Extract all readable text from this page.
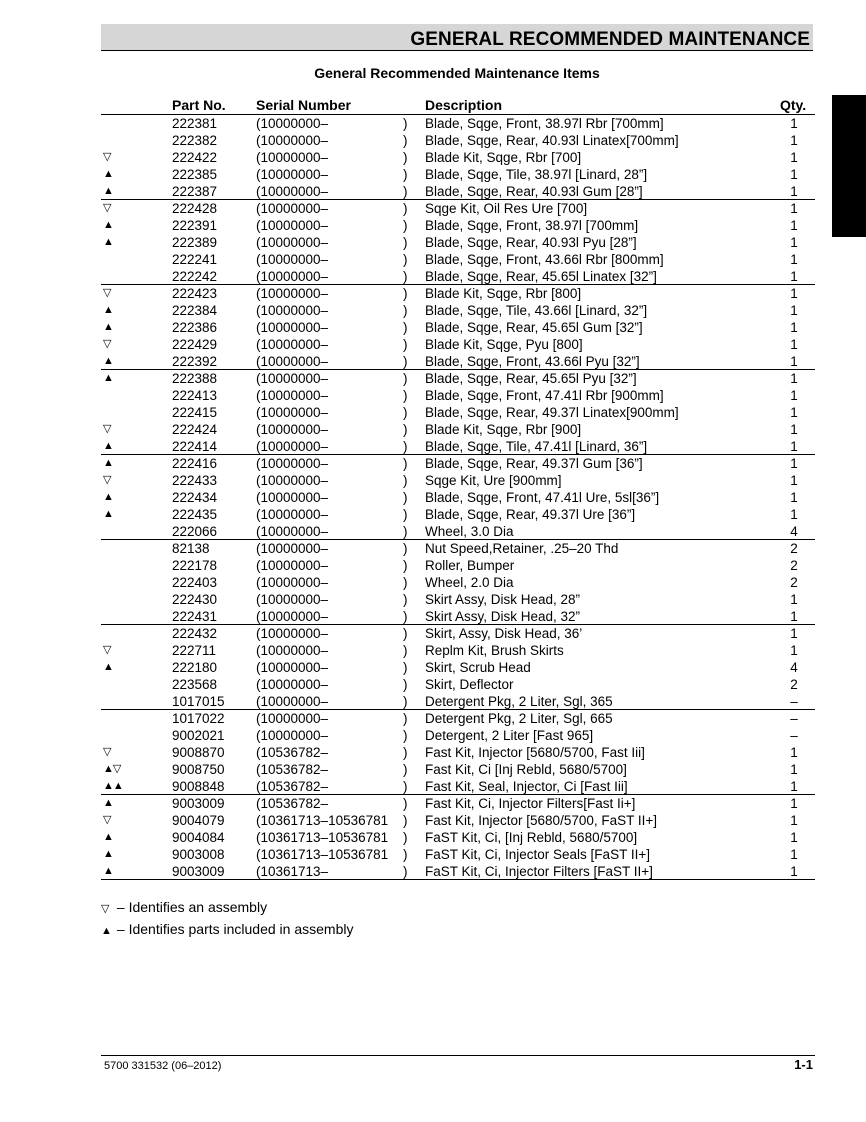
GENERAL RECOMMENDED MAINTENANCE
General Recommended Maintenance Items
Part No. Serial Number	Description	Qty.
222381	(10000000–	) Blade, Sqge, Front, 38.97l Rbr [700mm]	1
222382	(10000000–	) Blade, Sqge, Rear, 40.93l Linatex[700mm]	1
▽	222422	(10000000–	) Blade Kit, Sqge, Rbr [700]	1
▲	222385	(10000000–	) Blade, Sqge, Tile, 38.97l [Linard, 28”]	1
▲	222387	(10000000–	) Blade, Sqge, Rear, 40.93l Gum [28”]	1
▽	222428	(10000000–	) Sqge Kit, Oil Res Ure [700]	1
▲	222391	(10000000–	) Blade, Sqge, Front, 38.97l [700mm]	1
▲	222389	(10000000–	) Blade, Sqge, Rear, 40.93l Pyu [28”]	1
222241	(10000000–	) Blade, Sqge, Front, 43.66l Rbr [800mm]	1
222242	(10000000–	) Blade, Sqge, Rear, 45.65l Linatex [32”]	1
▽	222423	(10000000–	) Blade Kit, Sqge, Rbr [800]	1
▲	222384	(10000000–	) Blade, Sqge, Tile, 43.66l [Linard, 32”]	1
▲	222386	(10000000–	) Blade, Sqge, Rear, 45.65l Gum [32”]	1
▽	222429	(10000000–	) Blade Kit, Sqge, Pyu [800]	1
▲	222392	(10000000–	) Blade, Sqge, Front, 43.66l Pyu [32”]	1
▲	222388	(10000000–	) Blade, Sqge, Rear, 45.65l Pyu [32”]	1
222413	(10000000–	) Blade, Sqge, Front, 47.41l Rbr [900mm]	1
222415	(10000000–	) Blade, Sqge, Rear, 49.37l Linatex[900mm]	1
▽	222424	(10000000–	) Blade Kit, Sqge, Rbr [900]	1
▲	222414	(10000000–	) Blade, Sqge, Tile, 47.41l [Linard, 36”]	1
▲	222416	(10000000–	) Blade, Sqge, Rear, 49.37l Gum [36”]	1
▽	222433	(10000000–	) Sqge Kit, Ure [900mm]	1
▲	222434	(10000000–	) Blade, Sqge, Front, 47.41l Ure, 5sl[36”]	1
▲	222435	(10000000–	) Blade, Sqge, Rear, 49.37l Ure [36”]	1
222066	(10000000–	) Wheel, 3.0 Dia	4
82138	(10000000–	) Nut Speed,Retainer, .25–20 Thd	2
222178	(10000000–	) Roller, Bumper	2
222403	(10000000–	) Wheel, 2.0 Dia	2
222430	(10000000–	) Skirt Assy, Disk Head, 28”	1
222431	(10000000–	) Skirt Assy, Disk Head, 32”	1
222432	(10000000–	) Skirt, Assy, Disk Head, 36’	1
▽	222711	(10000000–	) Replm Kit, Brush Skirts	1
▲	222180	(10000000–	) Skirt, Scrub Head	4
223568	(10000000–	) Skirt, Deflector	2
1017015 (10000000–	) Detergent Pkg, 2 Liter, Sgl, 365	–
1017022 (10000000–	) Detergent Pkg, 2 Liter, Sgl, 665	–
9002021 (10000000–	) Detergent, 2 Liter [Fast 965]	–
▽	9008870 (10536782–	) Fast Kit, Injector [5680/5700, Fast Iii]	1
▲▽	9008750 (10536782–	) Fast Kit, Ci [Inj Rebld, 5680/5700]	1
▲▲	9008848 (10536782–	) Fast Kit, Seal, Injector, Ci [Fast Iii]	1
▲	9003009 (10536782–	) Fast Kit, Ci, Injector Filters[Fast Ii+]	1
▽	9004079 (10361713–10536781 ) Fast Kit, Injector [5680/5700, FaST II+]	1
▲	9004084 (10361713–10536781 ) FaST Kit, Ci, [Inj Rebld, 5680/5700]	1
▲	9003008 (10361713–10536781 ) FaST Kit, Ci, Injector Seals [FaST II+]	1
▲	9003009 (10361713–	) FaST Kit, Ci, Injector Filters [FaST II+]	1
▽ – Identifies an assembly
▲ – Identifies parts included in assembly
5700 331532 (06–2012)	1-1
